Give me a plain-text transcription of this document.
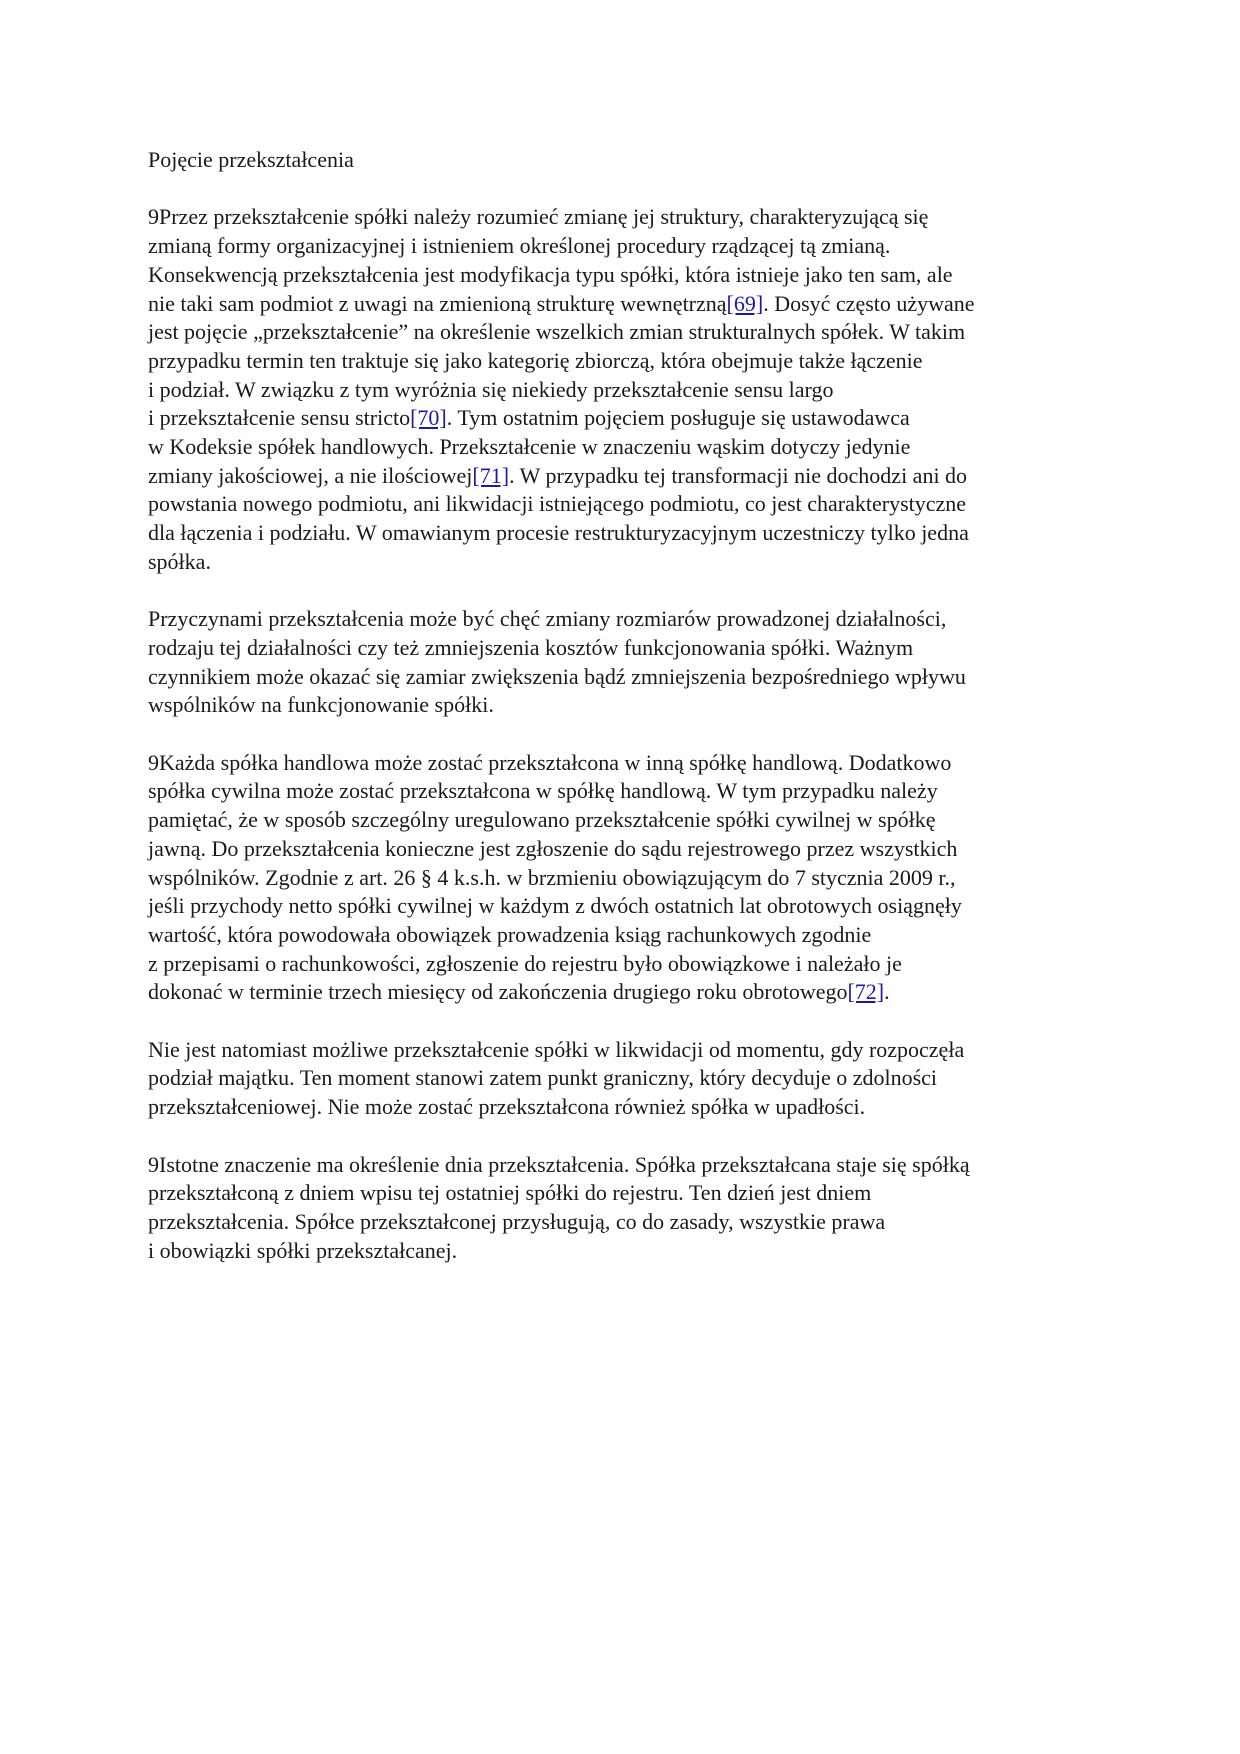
Pojęcie przekształcenia
9Przez przekształcenie spółki należy rozumieć zmianę jej struktury, charakteryzującą się
zmianą formy organizacyjnej i istnieniem określonej procedury rządzącej tą zmianą.
Konsekwencją przekształcenia jest modyfikacja typu spółki, która istnieje jako ten sam, ale
nie taki sam podmiot z uwagi na zmienioną strukturę wewnętrzną[69]. Dosyć często używane
jest pojęcie „przekształcenie” na określenie wszelkich zmian strukturalnych spółek. W takim
przypadku termin ten traktuje się jako kategorię zbiorczą, która obejmuje także łączenie
i podział. W związku z tym wyróżnia się niekiedy przekształcenie sensu largo
i przekształcenie sensu stricto[70]. Tym ostatnim pojęciem posługuje się ustawodawca
w Kodeksie spółek handlowych. Przekształcenie w znaczeniu wąskim dotyczy jedynie
zmiany jakościowej, a nie ilościowej[71]. W przypadku tej transformacji nie dochodzi ani do
powstania nowego podmiotu, ani likwidacji istniejącego podmiotu, co jest charakterystyczne
dla łączenia i podziału. W omawianym procesie restrukturyzacyjnym uczestniczy tylko jedna
spółka.
Przyczynami przekształcenia może być chęć zmiany rozmiarów prowadzonej działalności,
rodzaju tej działalności czy też zmniejszenia kosztów funkcjonowania spółki. Ważnym
czynnikiem może okazać się zamiar zwiększenia bądź zmniejszenia bezpośredniego wpływu
wspólników na funkcjonowanie spółki.
9Każda spółka handlowa może zostać przekształcona w inną spółkę handlową. Dodatkowo
spółka cywilna może zostać przekształcona w spółkę handlową. W tym przypadku należy
pamiętać, że w sposób szczególny uregulowano przekształcenie spółki cywilnej w spółkę
jawną. Do przekształcenia konieczne jest zgłoszenie do sądu rejestrowego przez wszystkich
wspólników. Zgodnie z art. 26 § 4 k.s.h. w brzmieniu obowiązującym do 7 stycznia 2009 r.,
jeśli przychody netto spółki cywilnej w każdym z dwóch ostatnich lat obrotowych osiągnęły
wartość, która powodowała obowiązek prowadzenia ksiąg rachunkowych zgodnie
z przepisami o rachunkowości, zgłoszenie do rejestru było obowiązkowe i należało je
dokonać w terminie trzech miesięcy od zakończenia drugiego roku obrotowego[72].
Nie jest natomiast możliwe przekształcenie spółki w likwidacji od momentu, gdy rozpoczęła
podział majątku. Ten moment stanowi zatem punkt graniczny, który decyduje o zdolności
przekształceniowej. Nie może zostać przekształcona również spółka w upadłości.
9Istotne znaczenie ma określenie dnia przekształcenia. Spółka przekształcana staje się spółką
przekształconą z dniem wpisu tej ostatniej spółki do rejestru. Ten dzień jest dniem
przekształcenia. Spółce przekształconej przysługują, co do zasady, wszystkie prawa
i obowiązki spółki przekształcanej.
